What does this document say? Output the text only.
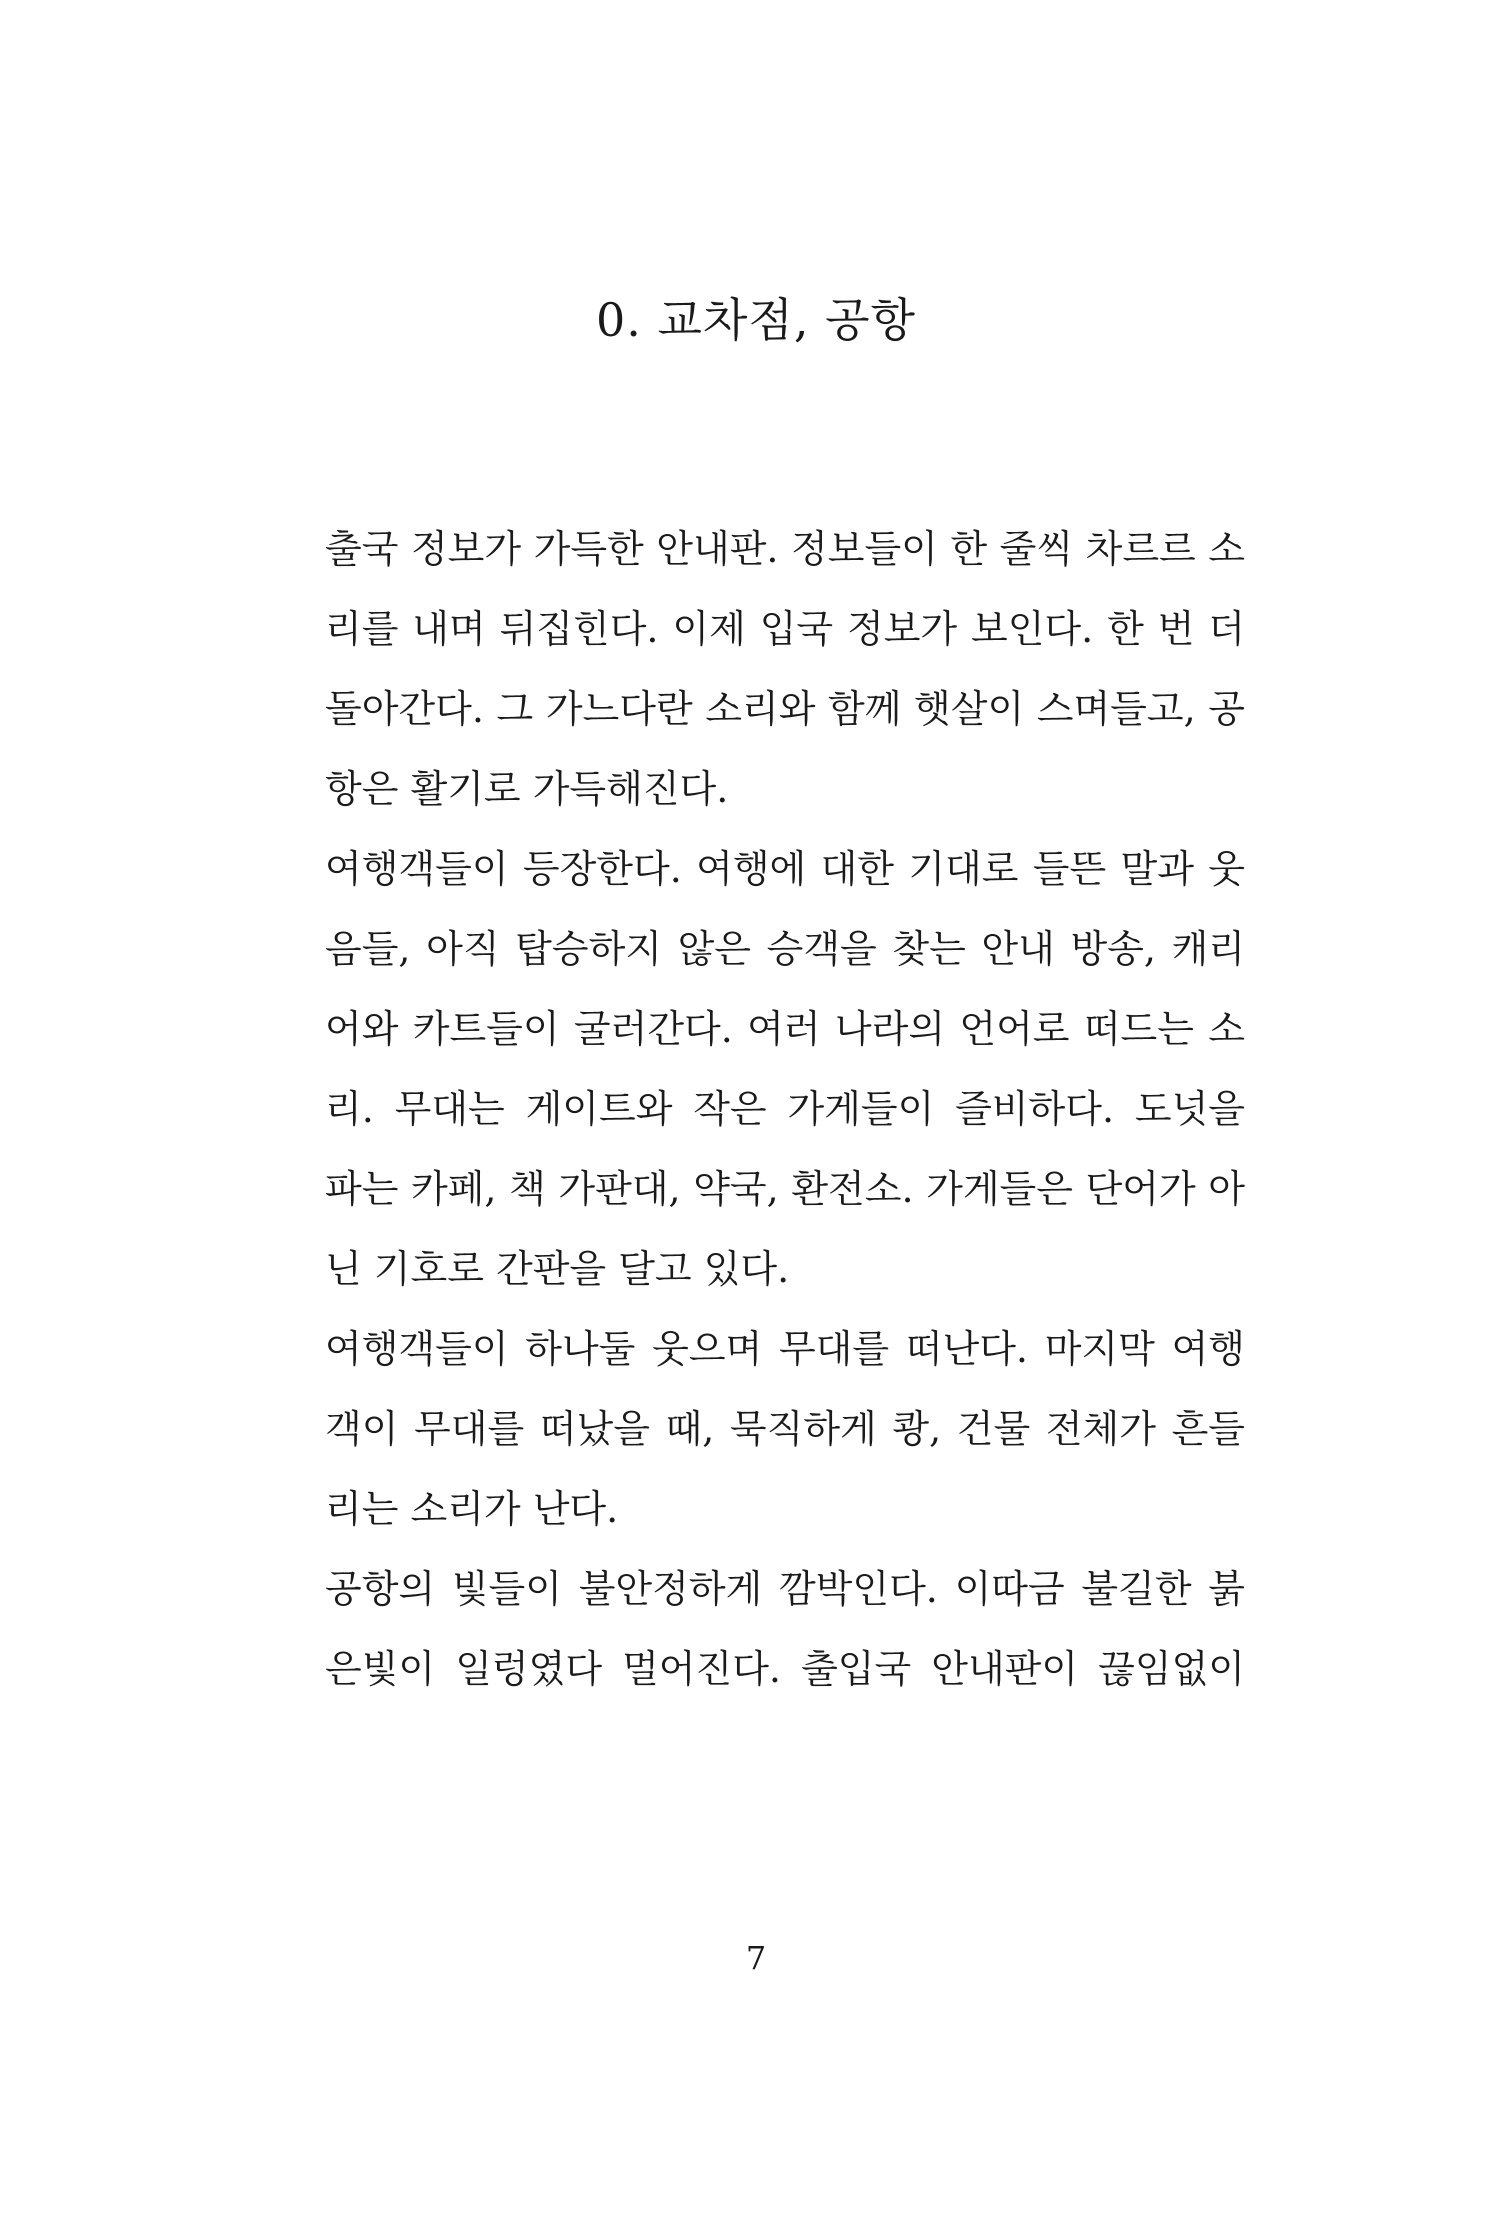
0. 교차점, 공항
출국 정보가 가득한 안내판. 정보들이 한 줄씩 차르르 소
리를 내며 뒤집힌다. 이제 입국 정보가 보인다. 한 번 더
돌아간다. 그 가느다란 소리와 함께 햇살이 스며들고, 공
항은 활기로 가득해진다.
여행객들이 등장한다. 여행에 대한 기대로 들뜬 말과 웃
음들, 아직 탑승하지 않은 승객을 찾는 안내 방송, 캐리
어와 카트들이 굴러간다. 여러 나라의 언어로 떠드는 소
리. 무대는 게이트와 작은 가게들이 즐비하다. 도넛을
파는 카페, 책 가판대, 약국, 환전소. 가게들은 단어가 아
닌 기호로 간판을 달고 있다.
여행객들이 하나둘 웃으며 무대를 떠난다. 마지막 여행
객이 무대를 떠났을 때, 묵직하게 쾅, 건물 전체가 흔들
리는 소리가 난다.
공항의 빛들이 불안정하게 깜박인다. 이따금 불길한 붉
은빛이 일렁였다 멀어진다. 출입국 안내판이 끊임없이
7
